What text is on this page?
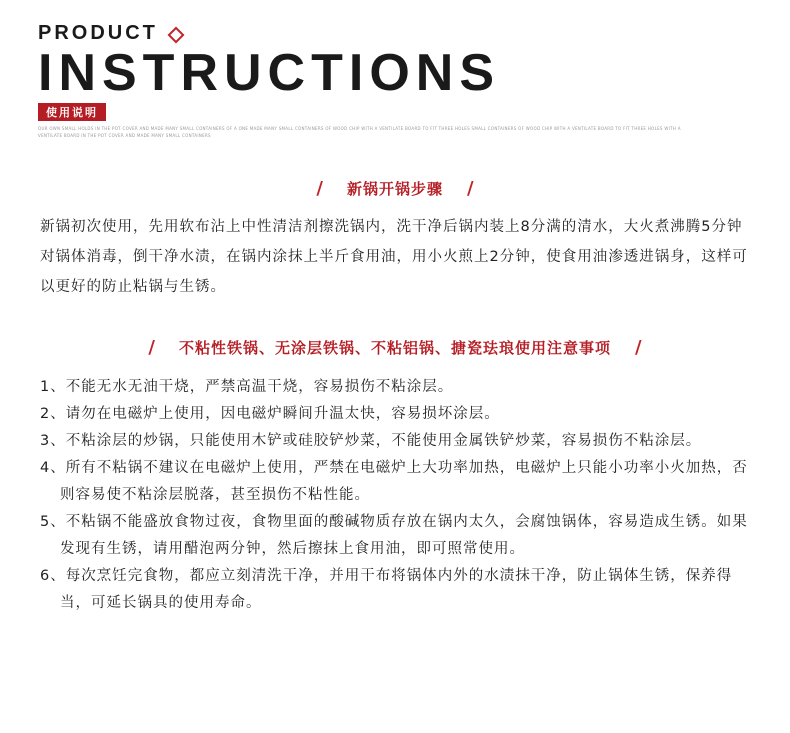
PRODUCT
INSTRUCTIONS
使用说明
OUR OWN SMALL HOLDS IN THE POT COVER AND MADE MANY SMALL CONTAINERS OF A ONE MADE MANY SMALL CONTAINERS OF WOOD CHIP WITH A VENTILATE BOARD TO FIT THREE HOLES SMALL CONTAINERS OF WOOD CHIP WITH A VENTILATE BOARD TO FIT THREE HOLES WITH A VENTILATE BOARD IN THE POT COVER AND MADE MANY SMALL CONTAINERS
/ 新锅开锅步骤 /
新锅初次使用，先用软布沾上中性清洁剂擦洗锅内，洗干净后锅内装上8分满的清水，大火煮沸腾5分钟对锅体消毒，倒干净水渍，在锅内涂抹上半斤食用油，用小火煎上2分钟，使食用油渗透进锅身，这样可以更好的防止粘锅与生锈。
/ 不粘性铁锅、无涂层铁锅、不粘铝锅、搪瓷珐琅使用注意事项 /
1、不能无水无油干烧，严禁高温干烧，容易损伤不粘涂层。
2、请勿在电磁炉上使用，因电磁炉瞬间升温太快，容易损坏涂层。
3、不粘涂层的炒锅，只能使用木铲或硅胶铲炒菜，不能使用金属铁铲炒菜，容易损伤不粘涂层。
4、所有不粘锅不建议在电磁炉上使用，严禁在电磁炉上大功率加热，电磁炉上只能小功率小火加热，否则容易使不粘涂层脱落，甚至损伤不粘性能。
5、不粘锅不能盛放食物过夜，食物里面的酸碱物质存放在锅内太久，会腐蚀锅体，容易造成生锈。如果发现有生锈，请用醋泡两分钟，然后擦抹上食用油，即可照常使用。
6、每次烹饪完食物，都应立刻清洗干净，并用干布将锅体内外的水渍抹干净，防止锅体生锈，保养得当，可延长锅具的使用寿命。
